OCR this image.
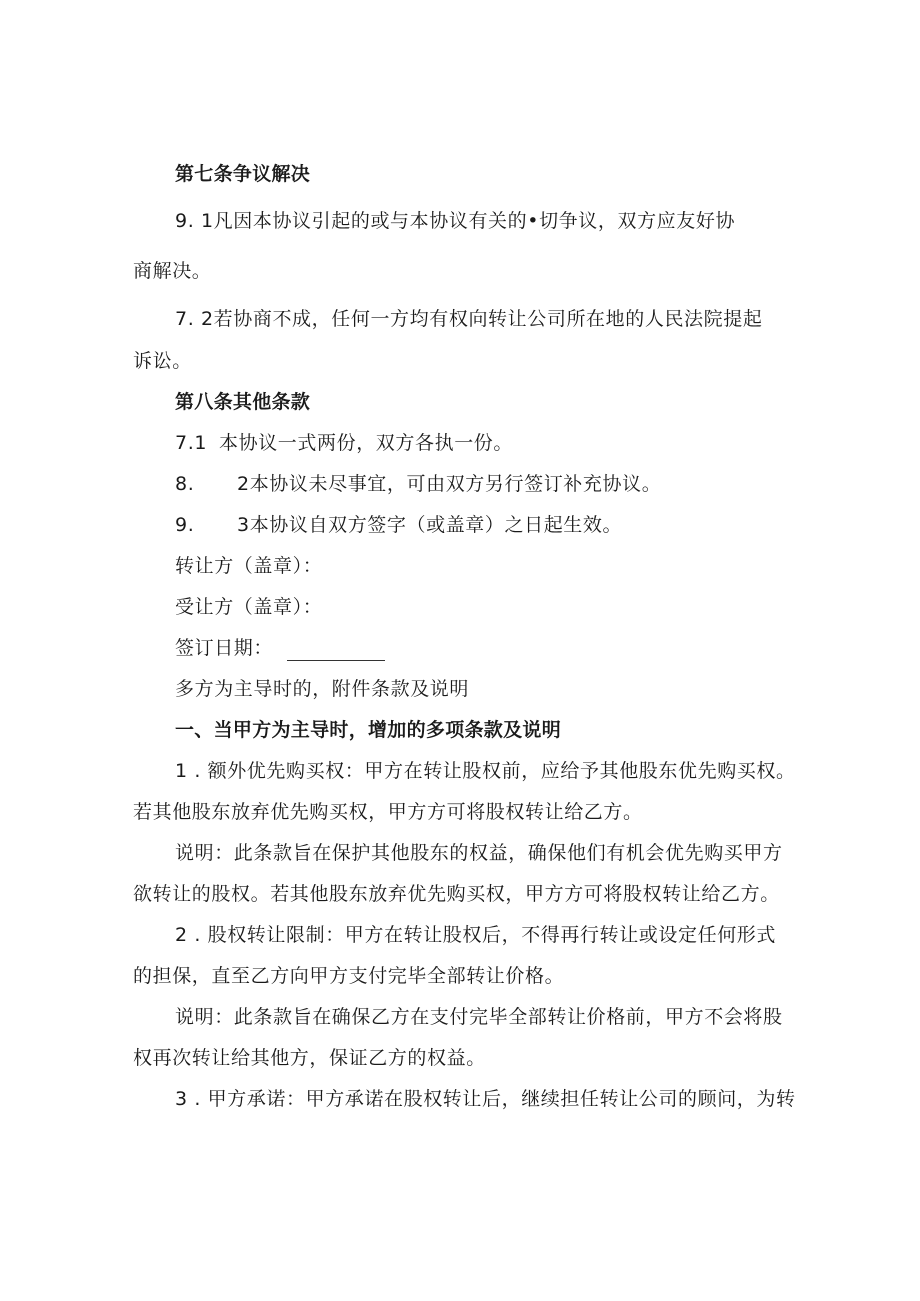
第七条争议解决
9. 1凡因本协议引起的或与本协议有关的•切争议，双方应友好协
商解决。
7. 2若协商不成，任何一方均有权向转让公司所在地的人民法院提起
诉讼。
第八条其他条款
7.1 本协议一式两份，双方各执一份。
8. 2本协议未尽事宜，可由双方另行签订补充协议。
9. 3本协议自双方签字（或盖章）之日起生效。
转让方（盖章）：
受让方（盖章）：
签订日期：
多方为主导时的，附件条款及说明
一、当甲方为主导时，增加的多项条款及说明
1 . 额外优先购买权：甲方在转让股权前，应给予其他股东优先购买权。
若其他股东放弃优先购买权，甲方方可将股权转让给乙方。
说明：此条款旨在保护其他股东的权益，确保他们有机会优先购买甲方
欲转让的股权。若其他股东放弃优先购买权，甲方方可将股权转让给乙方。
2 . 股权转让限制：甲方在转让股权后，不得再行转让或设定任何形式
的担保，直至乙方向甲方支付完毕全部转让价格。
说明：此条款旨在确保乙方在支付完毕全部转让价格前，甲方不会将股
权再次转让给其他方，保证乙方的权益。
3 . 甲方承诺：甲方承诺在股权转让后，继续担任转让公司的顾问，为转
